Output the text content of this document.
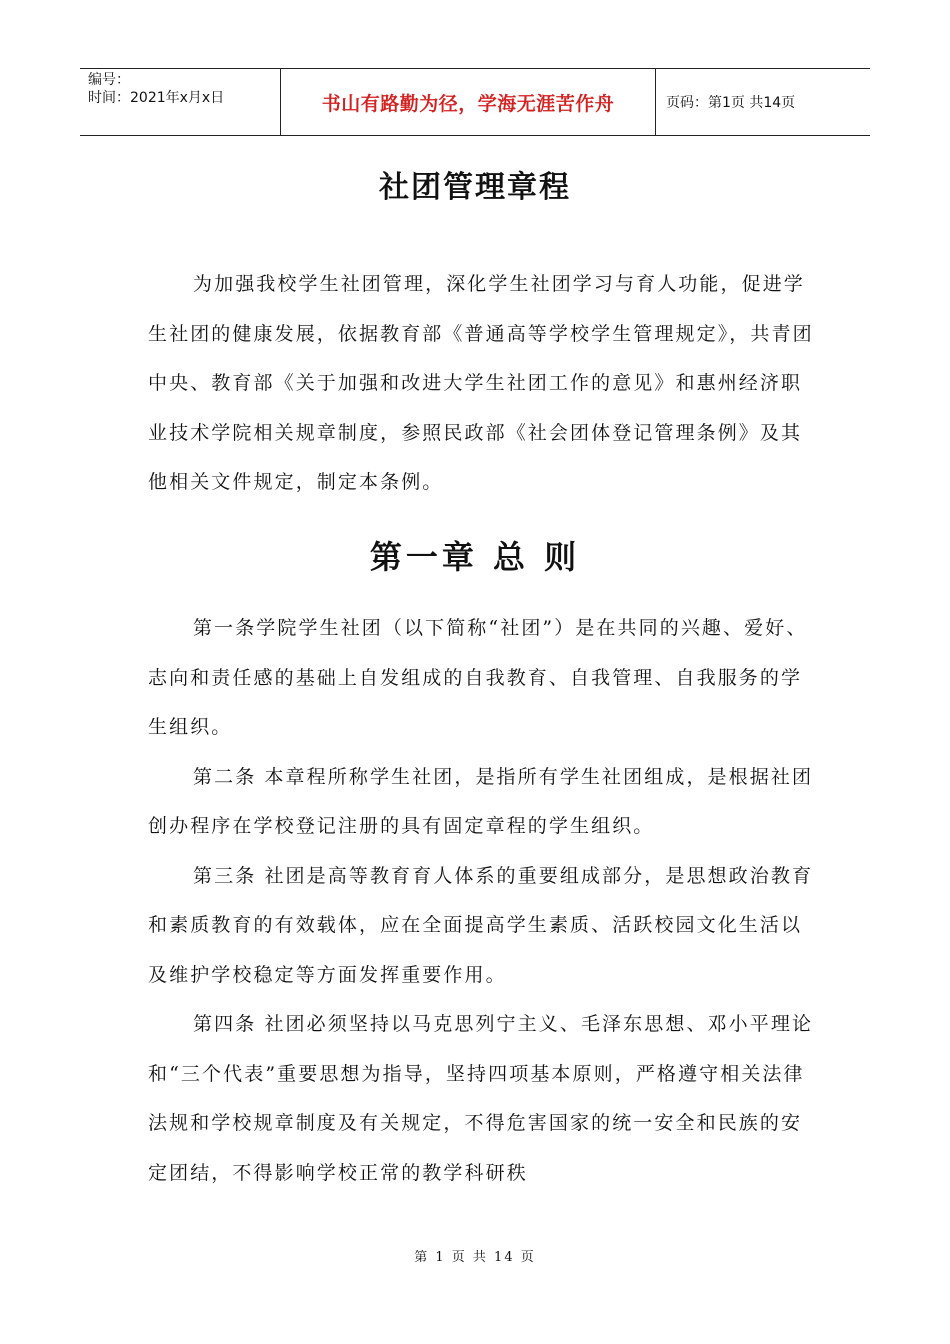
编号：
时间：2021年x月x日	书山有路勤为径，学海无涯苦作舟	页码：第1页 共14页
社团管理章程

为加强我校学生社团管理，深化学生社团学习与育人功能，促进学生社团的健康发展，依据教育部《普通高等学校学生管理规定》，共青团中央、教育部《关于加强和改进大学生社团工作的意见》和惠州经济职业技术学院相关规章制度，参照民政部《社会团体登记管理条例》及其他相关文件规定，制定本条例。

第一章 总 则

第一条学院学生社团（以下简称“社团”）是在共同的兴趣、爱好、志向和责任感的基础上自发组成的自我教育、自我管理、自我服务的学生组织。

第二条 本章程所称学生社团，是指所有学生社团组成，是根据社团创办程序在学校登记注册的具有固定章程的学生组织。

第三条 社团是高等教育育人体系的重要组成部分，是思想政治教育和素质教育的有效载体，应在全面提高学生素质、活跃校园文化生活以及维护学校稳定等方面发挥重要作用。

第四条 社团必须坚持以马克思列宁主义、毛泽东思想、邓小平理论和“三个代表”重要思想为指导，坚持四项基本原则，严格遵守相关法律法规和学校规章制度及有关规定，不得危害国家的统一安全和民族的安定团结，不得影响学校正常的教学科研秩

第 1 页 共 14 页
